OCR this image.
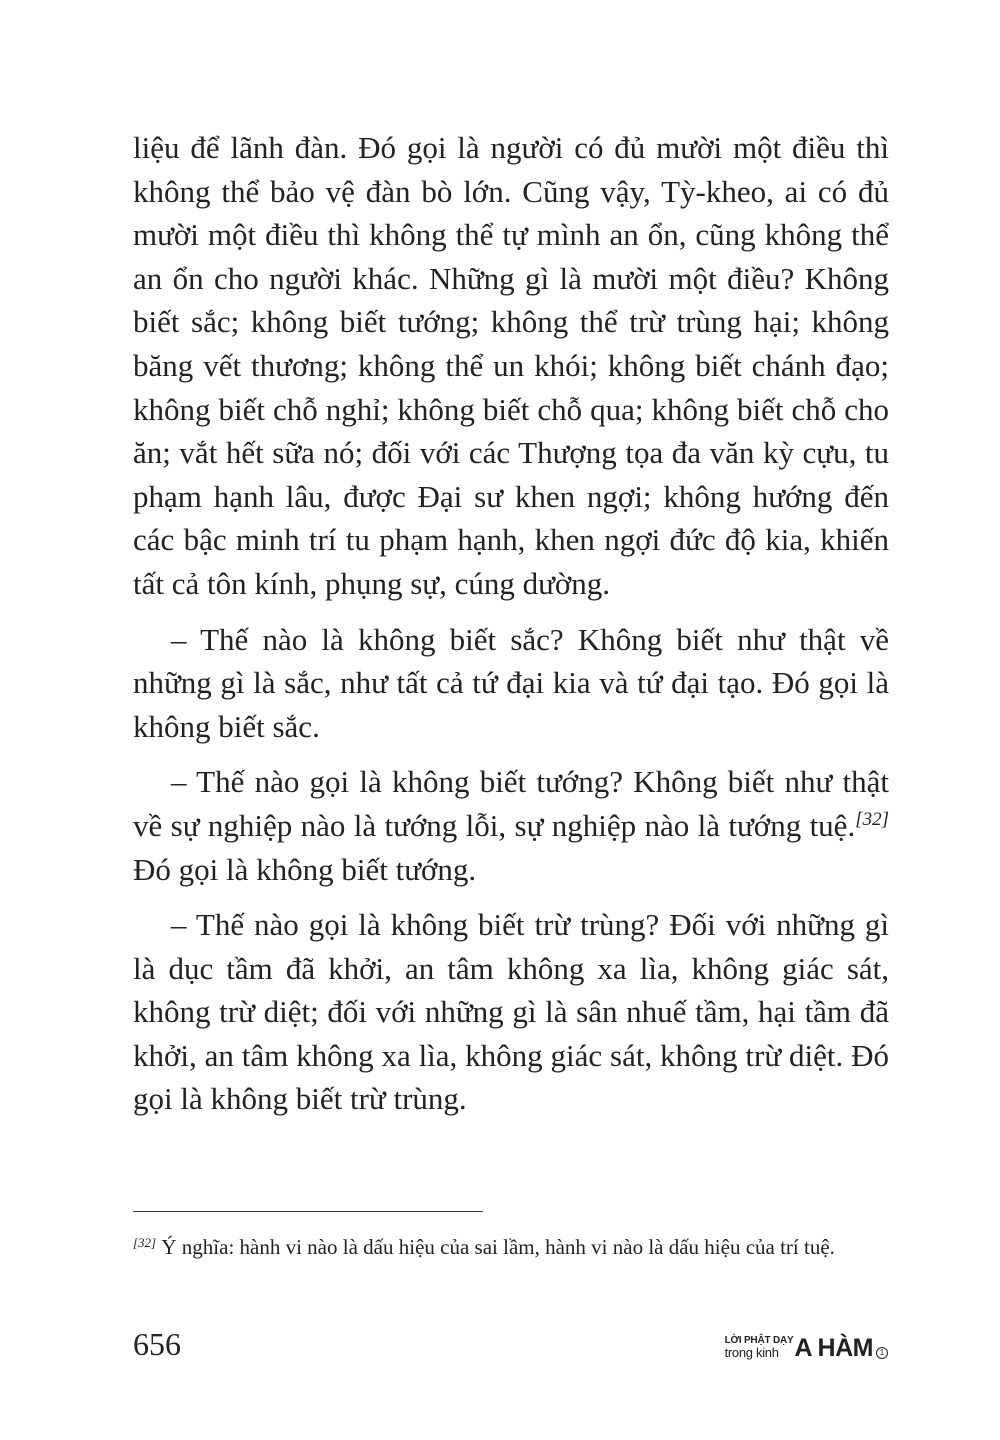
liệu để lãnh đàn. Đó gọi là người có đủ mười một điều thì không thể bảo vệ đàn bò lớn. Cũng vậy, Tỳ-kheo, ai có đủ mười một điều thì không thể tự mình an ổn, cũng không thể an ổn cho người khác. Những gì là mười một điều? Không biết sắc; không biết tướng; không thể trừ trùng hại; không băng vết thương; không thể un khói; không biết chánh đạo; không biết chỗ nghỉ; không biết chỗ qua; không biết chỗ cho ăn; vắt hết sữa nó; đối với các Thượng tọa đa văn kỳ cựu, tu phạm hạnh lâu, được Đại sư khen ngợi; không hướng đến các bậc minh trí tu phạm hạnh, khen ngợi đức độ kia, khiến tất cả tôn kính, phụng sự, cúng dường.

– Thế nào là không biết sắc? Không biết như thật về những gì là sắc, như tất cả tứ đại kia và tứ đại tạo. Đó gọi là không biết sắc.

– Thế nào gọi là không biết tướng? Không biết như thật về sự nghiệp nào là tướng lỗi, sự nghiệp nào là tướng tuệ.[32] Đó gọi là không biết tướng.

– Thế nào gọi là không biết trừ trùng? Đối với những gì là dục tầm đã khởi, an tâm không xa lìa, không giác sát, không trừ diệt; đối với những gì là sân nhuế tầm, hại tầm đã khởi, an tâm không xa lìa, không giác sát, không trừ diệt. Đó gọi là không biết trừ trùng.

[32] Ý nghĩa: hành vi nào là dấu hiệu của sai lầm, hành vi nào là dấu hiệu của trí tuệ.
656	LỜI PHẬT DẠY
trong kinh A HÀM 1
